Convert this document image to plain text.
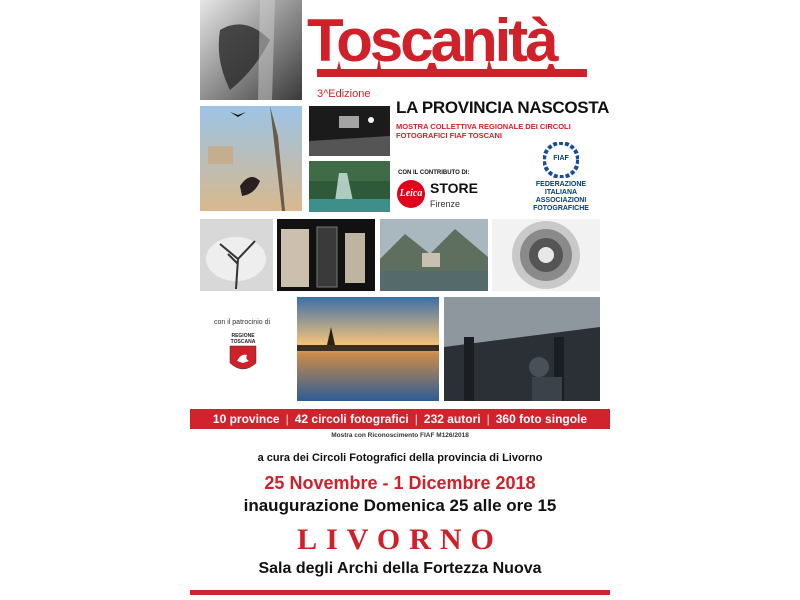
Toscanità
3^Edizione
LA PROVINCIA NASCOSTA
MOSTRA COLLETTIVA REGIONALE DEI CIRCOLI
FOTOGRAFICI FIAF TOSCANI
CON IL CONTRIBUTO DI:
Leica STORE
Firenze
FIAF
FEDERAZIONE
ITALIANA
ASSOCIAZIONI
FOTOGRAFICHE
con il patrocinio di
REGIONE
TOSCANA
10 province | 42 circoli fotografici | 232 autori | 360 foto singole
Mostra con Riconoscimento FIAF M126/2018
a cura dei Circoli Fotografici della provincia di Livorno
25 Novembre - 1 Dicembre 2018
inaugurazione Domenica 25 alle ore 15
LIVORNO
Sala degli Archi della Fortezza Nuova
